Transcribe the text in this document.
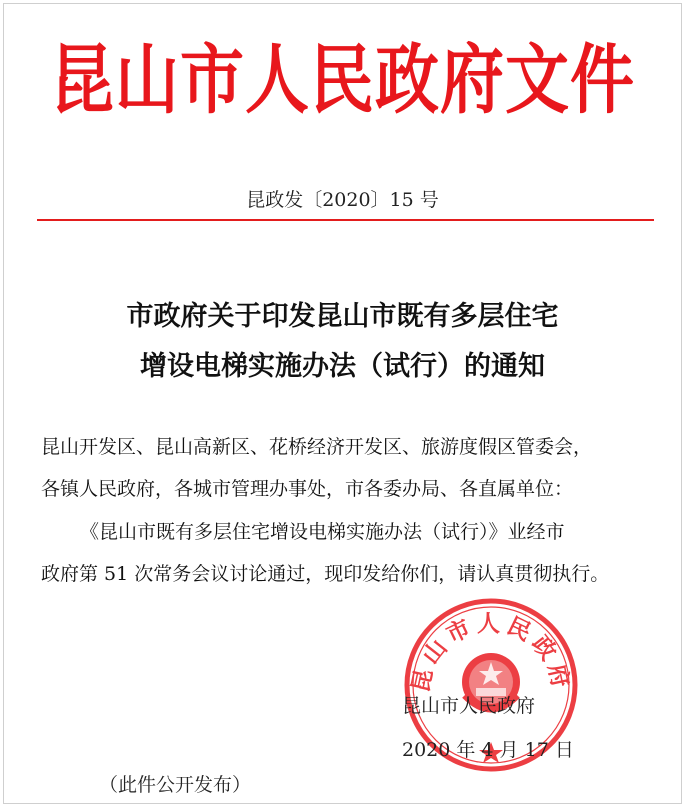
昆山市人民政府文件
昆政发〔2020〕15 号
市政府关于印发昆山市既有多层住宅
增设电梯实施办法（试行）的通知
昆山开发区、昆山高新区、花桥经济开发区、旅游度假区管委会，
各镇人民政府，各城市管理办事处，市各委办局、各直属单位：
《昆山市既有多层住宅增设电梯实施办法（试行）》业经市
政府第 51 次常务会议讨论通过，现印发给你们，请认真贯彻执行。
昆山市人民政府
昆山市人民政府
2020 年 4 月 17 日
（此件公开发布）
